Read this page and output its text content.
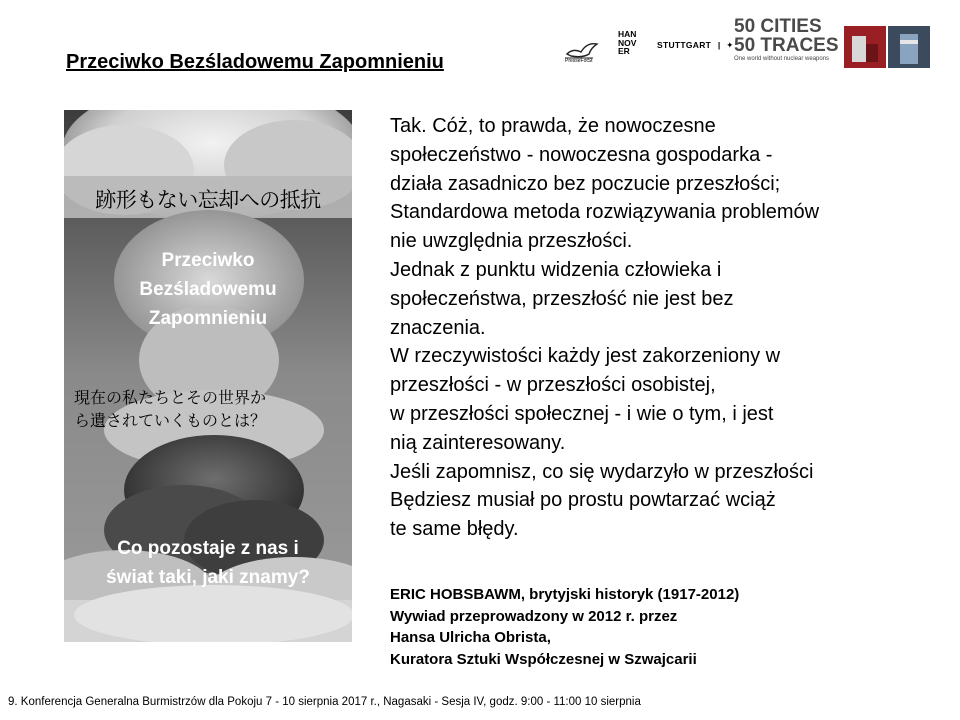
Przeciwko Bezśladowemu Zapomnieniu	PresseFotSt
HAN
NOV
ER
STUTTGART | ✦
50 CITIES
50 TRACES
One world without nuclear weapons
跡形もない忘却への抵抗
Przeciwko
Bezśladowemu
Zapomnieniu
現在の私たちとその世界か
ら遺されていくものとは？
Co pozostaje z nas i
świat taki, jaki znamy?
Tak. Cóż, to prawda, że nowoczesne
społeczeństwo - nowoczesna gospodarka -
działa zasadniczo bez poczucie przeszłości;
Standardowa metoda rozwiązywania problemów
nie uwzględnia przeszłości.
Jednak z punktu widzenia człowieka i
społeczeństwa, przeszłość nie jest bez
znaczenia.
W rzeczywistości każdy jest zakorzeniony w
przeszłości - w przeszłości osobistej,
w przeszłości społecznej - i wie o tym, i jest
nią zainteresowany.
Jeśli zapomnisz, co się wydarzyło w przeszłości
Będziesz musiał po prostu powtarzać wciąż
te same błędy.
ERIC HOBSBAWM, brytyjski historyk (1917-2012)
Wywiad przeprowadzony w 2012 r. przez
Hansa Ulricha Obrista,
Kuratora Sztuki Współczesnej w Szwajcarii
9. Konferencja Generalna Burmistrzów dla Pokoju 7 - 10 sierpnia 2017 r., Nagasaki - Sesja IV, godz. 9:00 - 11:00 10 sierpnia
